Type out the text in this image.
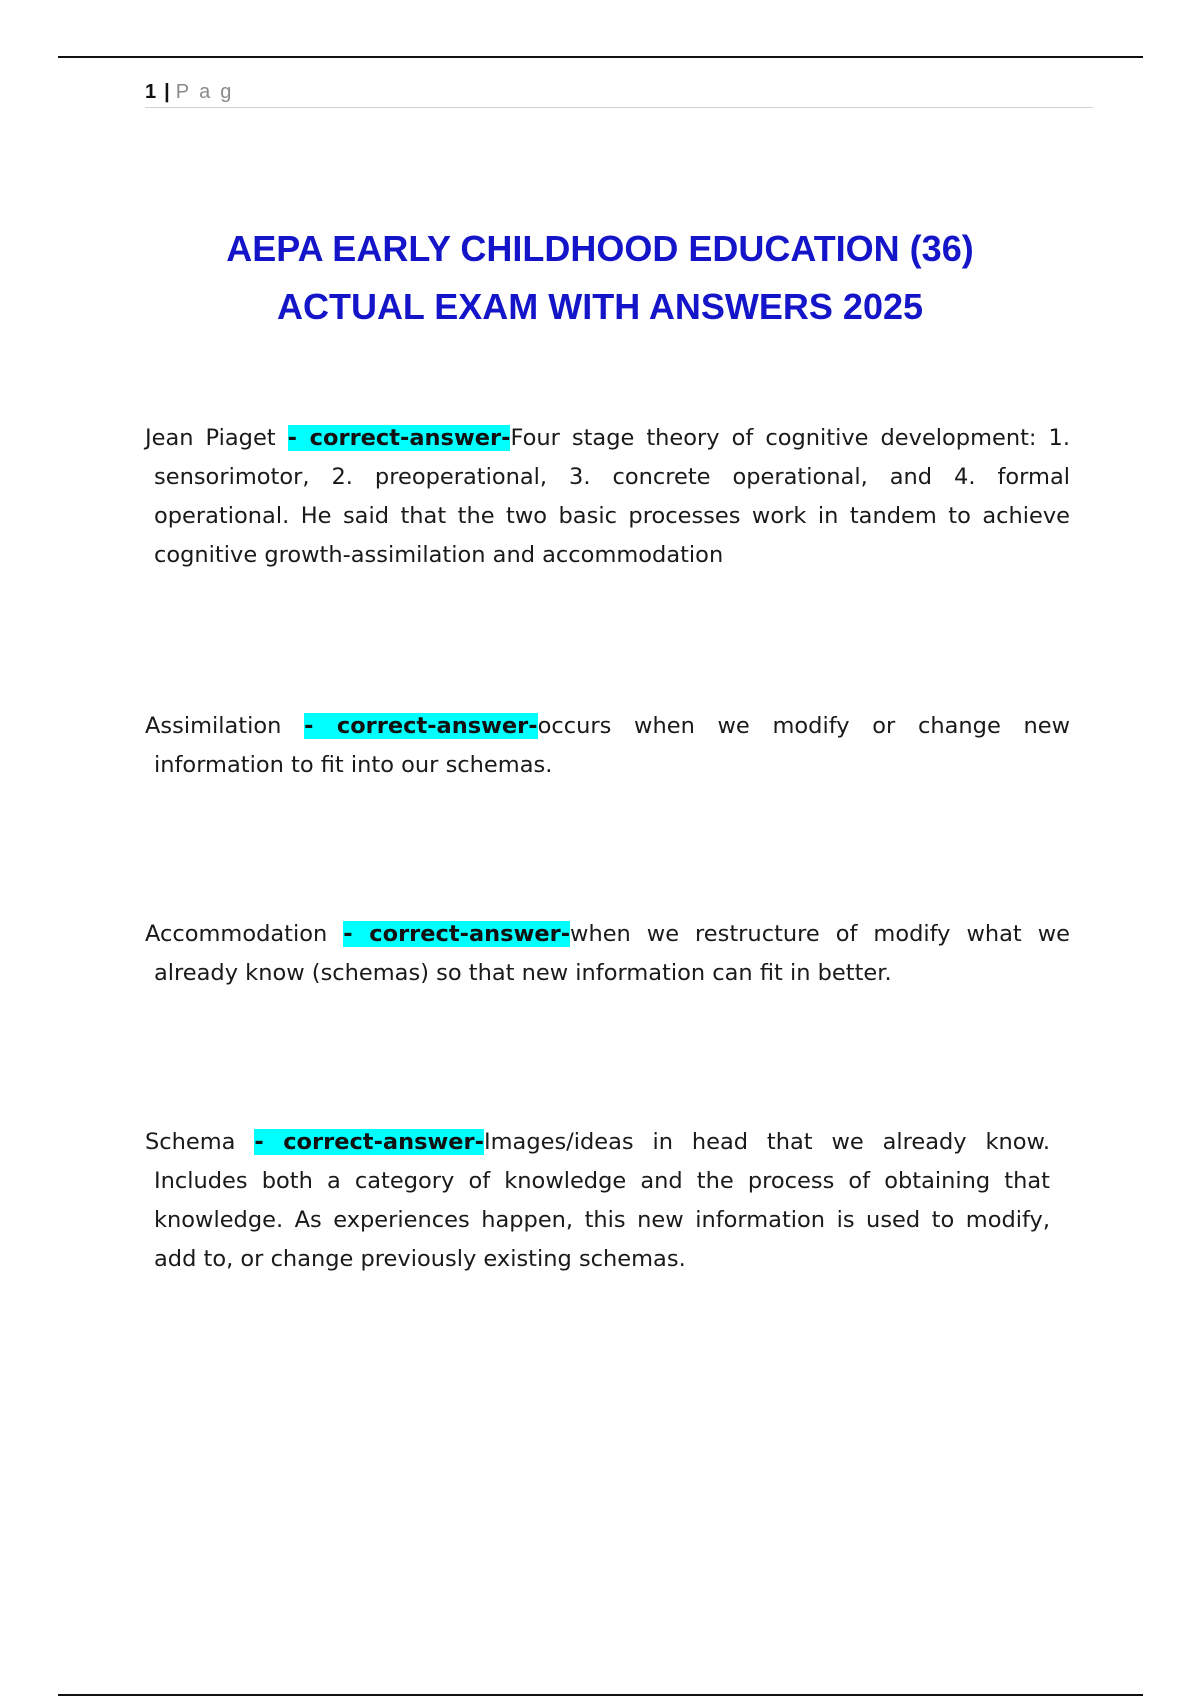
1 | Pag
AEPA EARLY CHILDHOOD EDUCATION (36)
ACTUAL EXAM WITH ANSWERS 2025

Jean Piaget - correct-answer-Four stage theory of cognitive development: 1. sensorimotor, 2. preoperational, 3. concrete operational, and 4. formal operational. He said that the two basic processes work in tandem to achieve cognitive growth-assimilation and accommodation

Assimilation - correct-answer-occurs when we modify or change new information to fit into our schemas.

Accommodation - correct-answer-when we restructure of modify what we already know (schemas) so that new information can fit in better.

Schema - correct-answer-Images/ideas in head that we already know. Includes both a category of knowledge and the process of obtaining that knowledge. As experiences happen, this new information is used to modify, add to, or change previously existing schemas.
